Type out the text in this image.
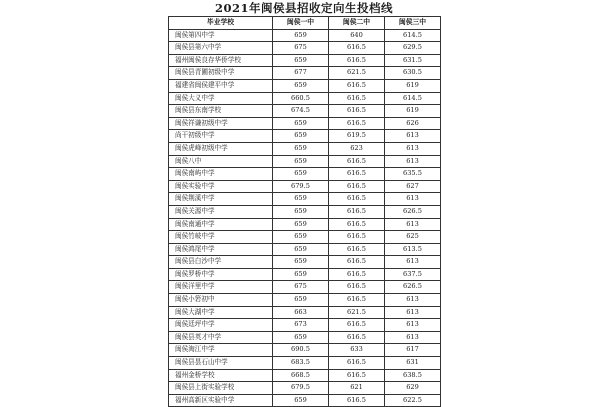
2021年闽侯县招收定向生投档线
毕业学校	闽侯一中	闽侯二中	闽侯三中
闽侯第四中学	659	640	614.5
闽侯县第六中学	675	616.5	629.5
福州闽侯良存华侨学校	659	616.5	631.5
闽侯县青圃初级中学	677	621.5	630.5
福建省闽侯建平中学	659	616.5	619
闽侯大义中学	660.5	616.5	614.5
闽侯县东南学校	674.5	616.5	619
闽侯祥谦初级中学	659	616.5	626
尚干初级中学	659	619.5	613
闽侯虎峰初级中学	659	623	613
闽侯八中	659	616.5	613
闽侯南屿中学	659	616.5	635.5
闽侯实验中学	679.5	616.5	627
闽侯荆溪中学	659	616.5	613
闽侯关源中学	659	616.5	626.5
闽侯南通中学	659	616.5	613
闽侯竹岐中学	659	616.5	625
闽侯鸿尾中学	659	616.5	613.5
闽侯县白沙中学	659	616.5	613
闽侯罗桥中学	659	616.5	637.5
闽侯洋里中学	675	616.5	626.5
闽侯小箬初中	659	616.5	613
闽侯大湖中学	663	621.5	613
闽侯廷坪中学	673	616.5	613
闽侯县英才中学	659	616.5	613
闽侯淘江中学	690.5	633	617
闽侯县昙石山中学	683.5	616.5	631
福州金桥学校	668.5	616.5	638.5
闽侯县上街实验学校	679.5	621	629
福州高新区实验中学	659	616.5	622.5
